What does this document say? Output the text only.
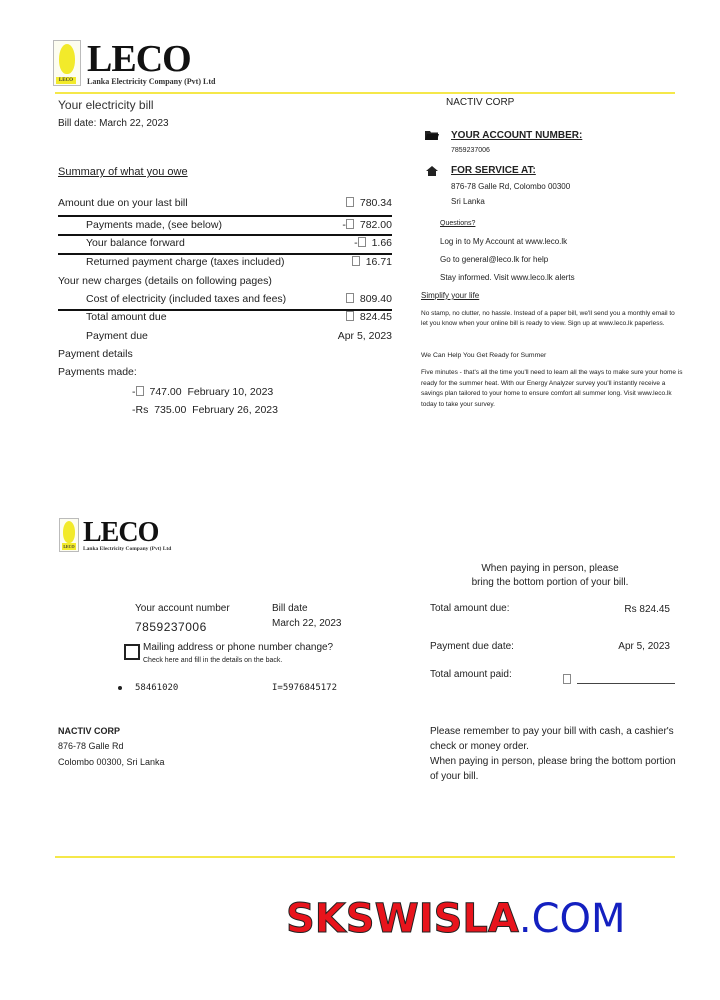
LECO
LECO
Lanka Electricity Company (Pvt) Ltd
Your electricity bill
Bill date: March 22, 2023
NACTIV CORP
Summary of what you owe
Amount due on your last bill	780.34
Payments made, (see below)	- 782.00
Your balance forward	- 1.66
Returned payment charge (taxes included)	16.71
Your new charges (details on following pages)
Cost of electricity (included taxes and fees)	809.40
Total amount due	824.45
Payment due	Apr 5, 2023
Payment details
Payments made:
- 747.00 February 10, 2023
-Rs 735.00 February 26, 2023
YOUR ACCOUNT NUMBER:
7859237006
FOR SERVICE AT:
876-78 Galle Rd, Colombo 00300
Sri Lanka
Questions?
Log in to My Account at www.leco.lk
Go to general@leco.lk for help
Stay informed. Visit www.leco.lk alerts
Simplify your life
No stamp, no clutter, no hassle. Instead of a paper bill, we'll send you a monthly email to let you know when your online bill is ready to view. Sign up at www.leco.lk paperless.
We Can Help You Get Ready for Summer
Five minutes - that's all the time you'll need to learn all the ways to make sure your home is ready for the summer heat. With our Energy Analyzer survey you'll instantly receive a savings plan tailored to your home to ensure comfort all summer long. Visit www.leco.lk today to take your survey.
LECO LECO
Lanka Electricity Company (Pvt) Ltd
Your account number
7859237006
Bill date
March 22, 2023
Mailing address or phone number change?
Check here and fill in the details on the back.
58461020	I=5976845172
When paying in person, please
bring the bottom portion of your bill.
Total amount due:	Rs 824.45
Payment due date:	Apr 5, 2023
Total amount paid:
NACTIV CORP
876-78 Galle Rd
Colombo 00300, Sri Lanka
Please remember to pay your bill with cash, a cashier's check or money order.
When paying in person, please bring the bottom portion of your bill.
SKSWISLA.COM
